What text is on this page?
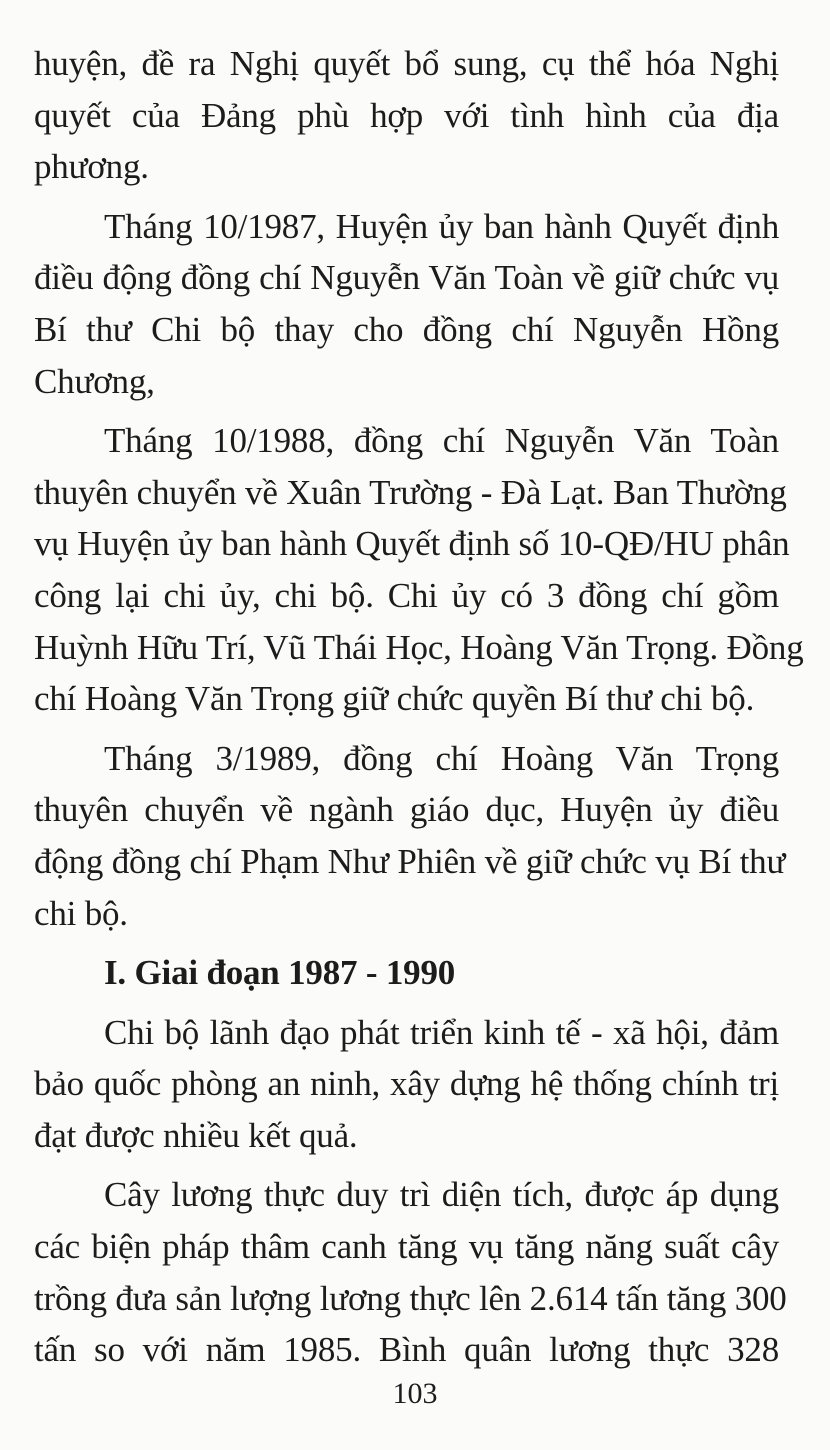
huyện, đề ra Nghị quyết bổ sung, cụ thể hóa Nghị
quyết của Đảng phù hợp với tình hình của địa
phương.
Tháng 10/1987, Huyện ủy ban hành Quyết định
điều động đồng chí Nguyễn Văn Toàn về giữ chức vụ
Bí thư Chi bộ thay cho đồng chí Nguyễn Hồng
Chương,
Tháng 10/1988, đồng chí Nguyễn Văn Toàn
thuyên chuyển về Xuân Trường - Đà Lạt. Ban Thường
vụ Huyện ủy ban hành Quyết định số 10-QĐ/HU phân
công lại chi ủy, chi bộ. Chi ủy có 3 đồng chí gồm
Huỳnh Hữu Trí, Vũ Thái Học, Hoàng Văn Trọng. Đồng
chí Hoàng Văn Trọng giữ chức quyền Bí thư chi bộ.
Tháng 3/1989, đồng chí Hoàng Văn Trọng
thuyên chuyển về ngành giáo dục, Huyện ủy điều
động đồng chí Phạm Như Phiên về giữ chức vụ Bí thư
chi bộ.
I. Giai đoạn 1987 - 1990
Chi bộ lãnh đạo phát triển kinh tế - xã hội, đảm
bảo quốc phòng an ninh, xây dựng hệ thống chính trị
đạt được nhiều kết quả.
Cây lương thực duy trì diện tích, được áp dụng
các biện pháp thâm canh tăng vụ tăng năng suất cây
trồng đưa sản lượng lương thực lên 2.614 tấn tăng 300
tấn so với năm 1985. Bình quân lương thực 328
103
